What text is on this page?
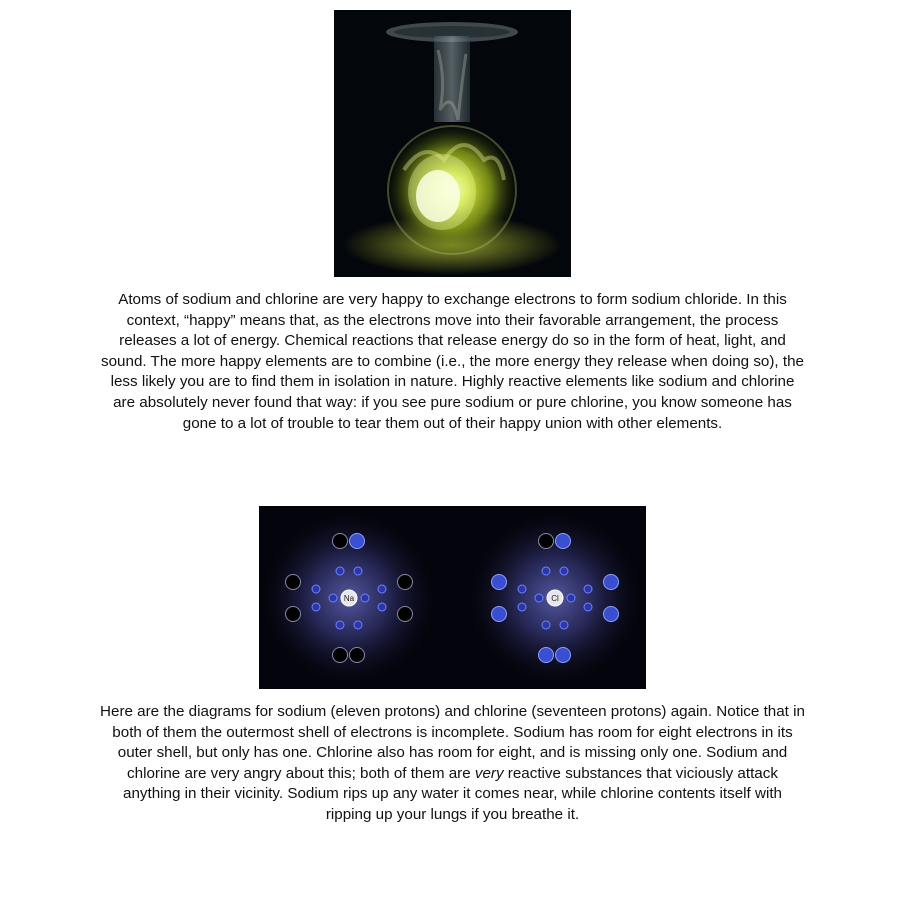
Atoms of sodium and chlorine are very happy to exchange electrons to form sodium chloride. In this context, “happy” means that, as the electrons move into their favorable arrangement, the process releases a lot of energy. Chemical reactions that release energy do so in the form of heat, light, and sound. The more happy elements are to combine (i.e., the more energy they release when doing so), the less likely you are to find them in isolation in nature. Highly reactive elements like sodium and chlorine are absolutely never found that way: if you see pure sodium or pure chlorine, you know someone has gone to a lot of trouble to tear them out of their happy union with other elements.

Na	Cl

Here are the diagrams for sodium (eleven protons) and chlorine (seventeen protons) again. Notice that in both of them the outermost shell of electrons is incomplete. Sodium has room for eight electrons in its outer shell, but only has one. Chlorine also has room for eight, and is missing only one. Sodium and chlorine are very angry about this; both of them are very reactive substances that viciously attack anything in their vicinity. Sodium rips up any water it comes near, while chlorine contents itself with ripping up your lungs if you breathe it.
